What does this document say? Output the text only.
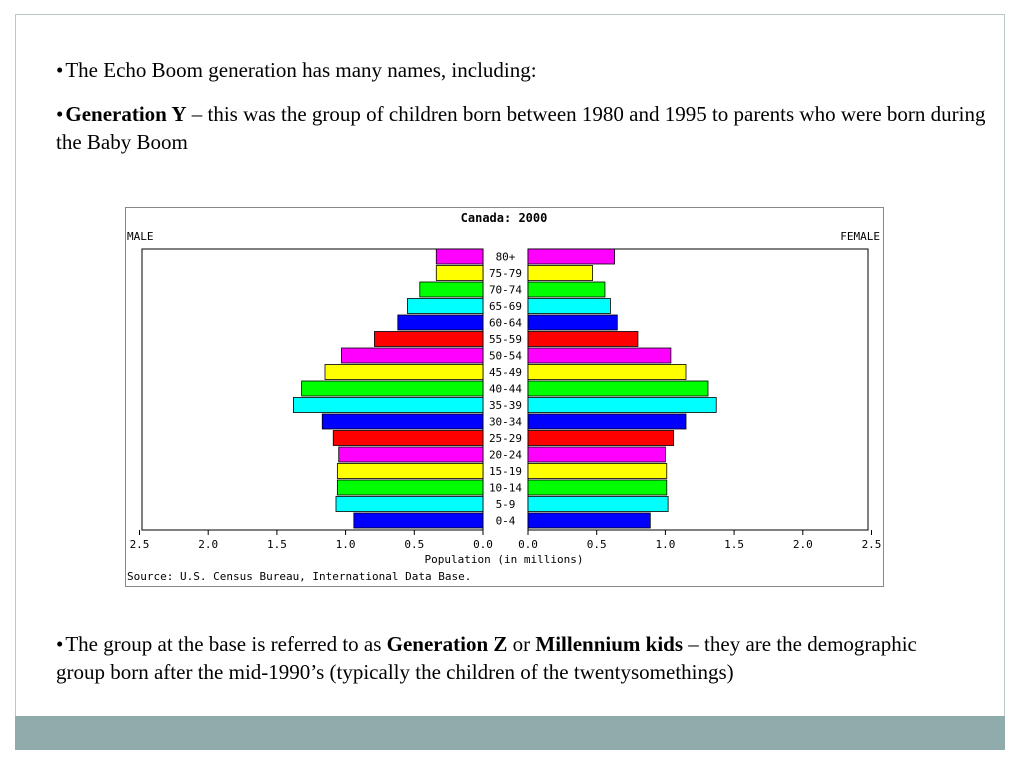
•The Echo Boom generation has many names, including:
•Generation Y – this was the group of children born between 1980 and 1995 to parents who were born during the Baby Boom
Canada: 2000
MALE	FEMALE
0-4
5-9
10-14
15-19
20-24
25-29
30-34
35-39
40-44
45-49
50-54
55-59
60-64
65-69
70-74
75-79
80+
2.5	2.0	1.5	1.0	0.5	0.0 0.0	0.5	1.0	1.5	2.0	2.5
Population (in millions)
Source: U.S. Census Bureau, International Data Base.
•The group at the base is referred to as Generation Z or Millennium kids – they are the demographic group born after the mid-1990’s (typically the children of the twentysomethings)
